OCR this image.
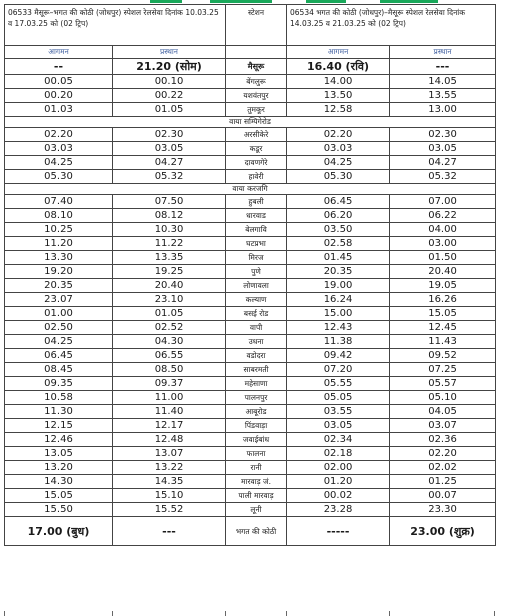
06533 मैसूरू–भगत की कोठी (जोधपुर) स्पेशल रेलसेवा दिनांक 10.03.25 व 17.03.25 को (02 ट्रिप)		स्टेशन	06534 भगत की कोठी (जोधपुर)–मैसूरू स्पेशल रेलसेवा दिनांक 14.03.25 व 21.03.25 को (02 ट्रिप)	
आगमन	प्रस्थान		आगमन	प्रस्थान
--	21.20 (सोम)	मैसूरू	16.40 (रवि)	---
00.05	00.10	बेंगलुरू	14.00	14.05
00.20	00.22	यशवंतपुर	13.50	13.55
01.03	01.05	तुमकूर	12.58	13.00
वाया सम्पिगेरोड				
02.20	02.30	अरसीकेरे	02.20	02.30
03.03	03.05	कडूर	03.03	03.05
04.25	04.27	दावणगेरे	04.25	04.27
05.30	05.32	हावेरी	05.30	05.32
वाया करजगि				
07.40	07.50	हुबली	06.45	07.00
08.10	08.12	धारवाड	06.20	06.22
10.25	10.30	बेलगावि	03.50	04.00
11.20	11.22	घटप्रभा	02.58	03.00
13.30	13.35	मिरज	01.45	01.50
19.20	19.25	पुणे	20.35	20.40
20.35	20.40	लोणावला	19.00	19.05
23.07	23.10	कल्याण	16.24	16.26
01.00	01.05	बसई रोड	15.00	15.05
02.50	02.52	वापी	12.43	12.45
04.25	04.30	उधना	11.38	11.43
06.45	06.55	वडोदरा	09.42	09.52
08.45	08.50	साबरमती	07.20	07.25
09.35	09.37	महेसाणा	05.55	05.57
10.58	11.00	पालनपुर	05.05	05.10
11.30	11.40	आबूरोड	03.55	04.05
12.15	12.17	पिंडवाड़ा	03.05	03.07
12.46	12.48	जवाईबांध	02.34	02.36
13.05	13.07	फालना	02.18	02.20
13.20	13.22	रानी	02.00	02.02
14.30	14.35	मारवाड़ जं.	01.20	01.25
15.05	15.10	पाली मारवाड़	00.02	00.07
15.50	15.52	लूनी	23.28	23.30
17.00 (बुध)	---	भगत की कोठी	-----	23.00 (शुक्र)
